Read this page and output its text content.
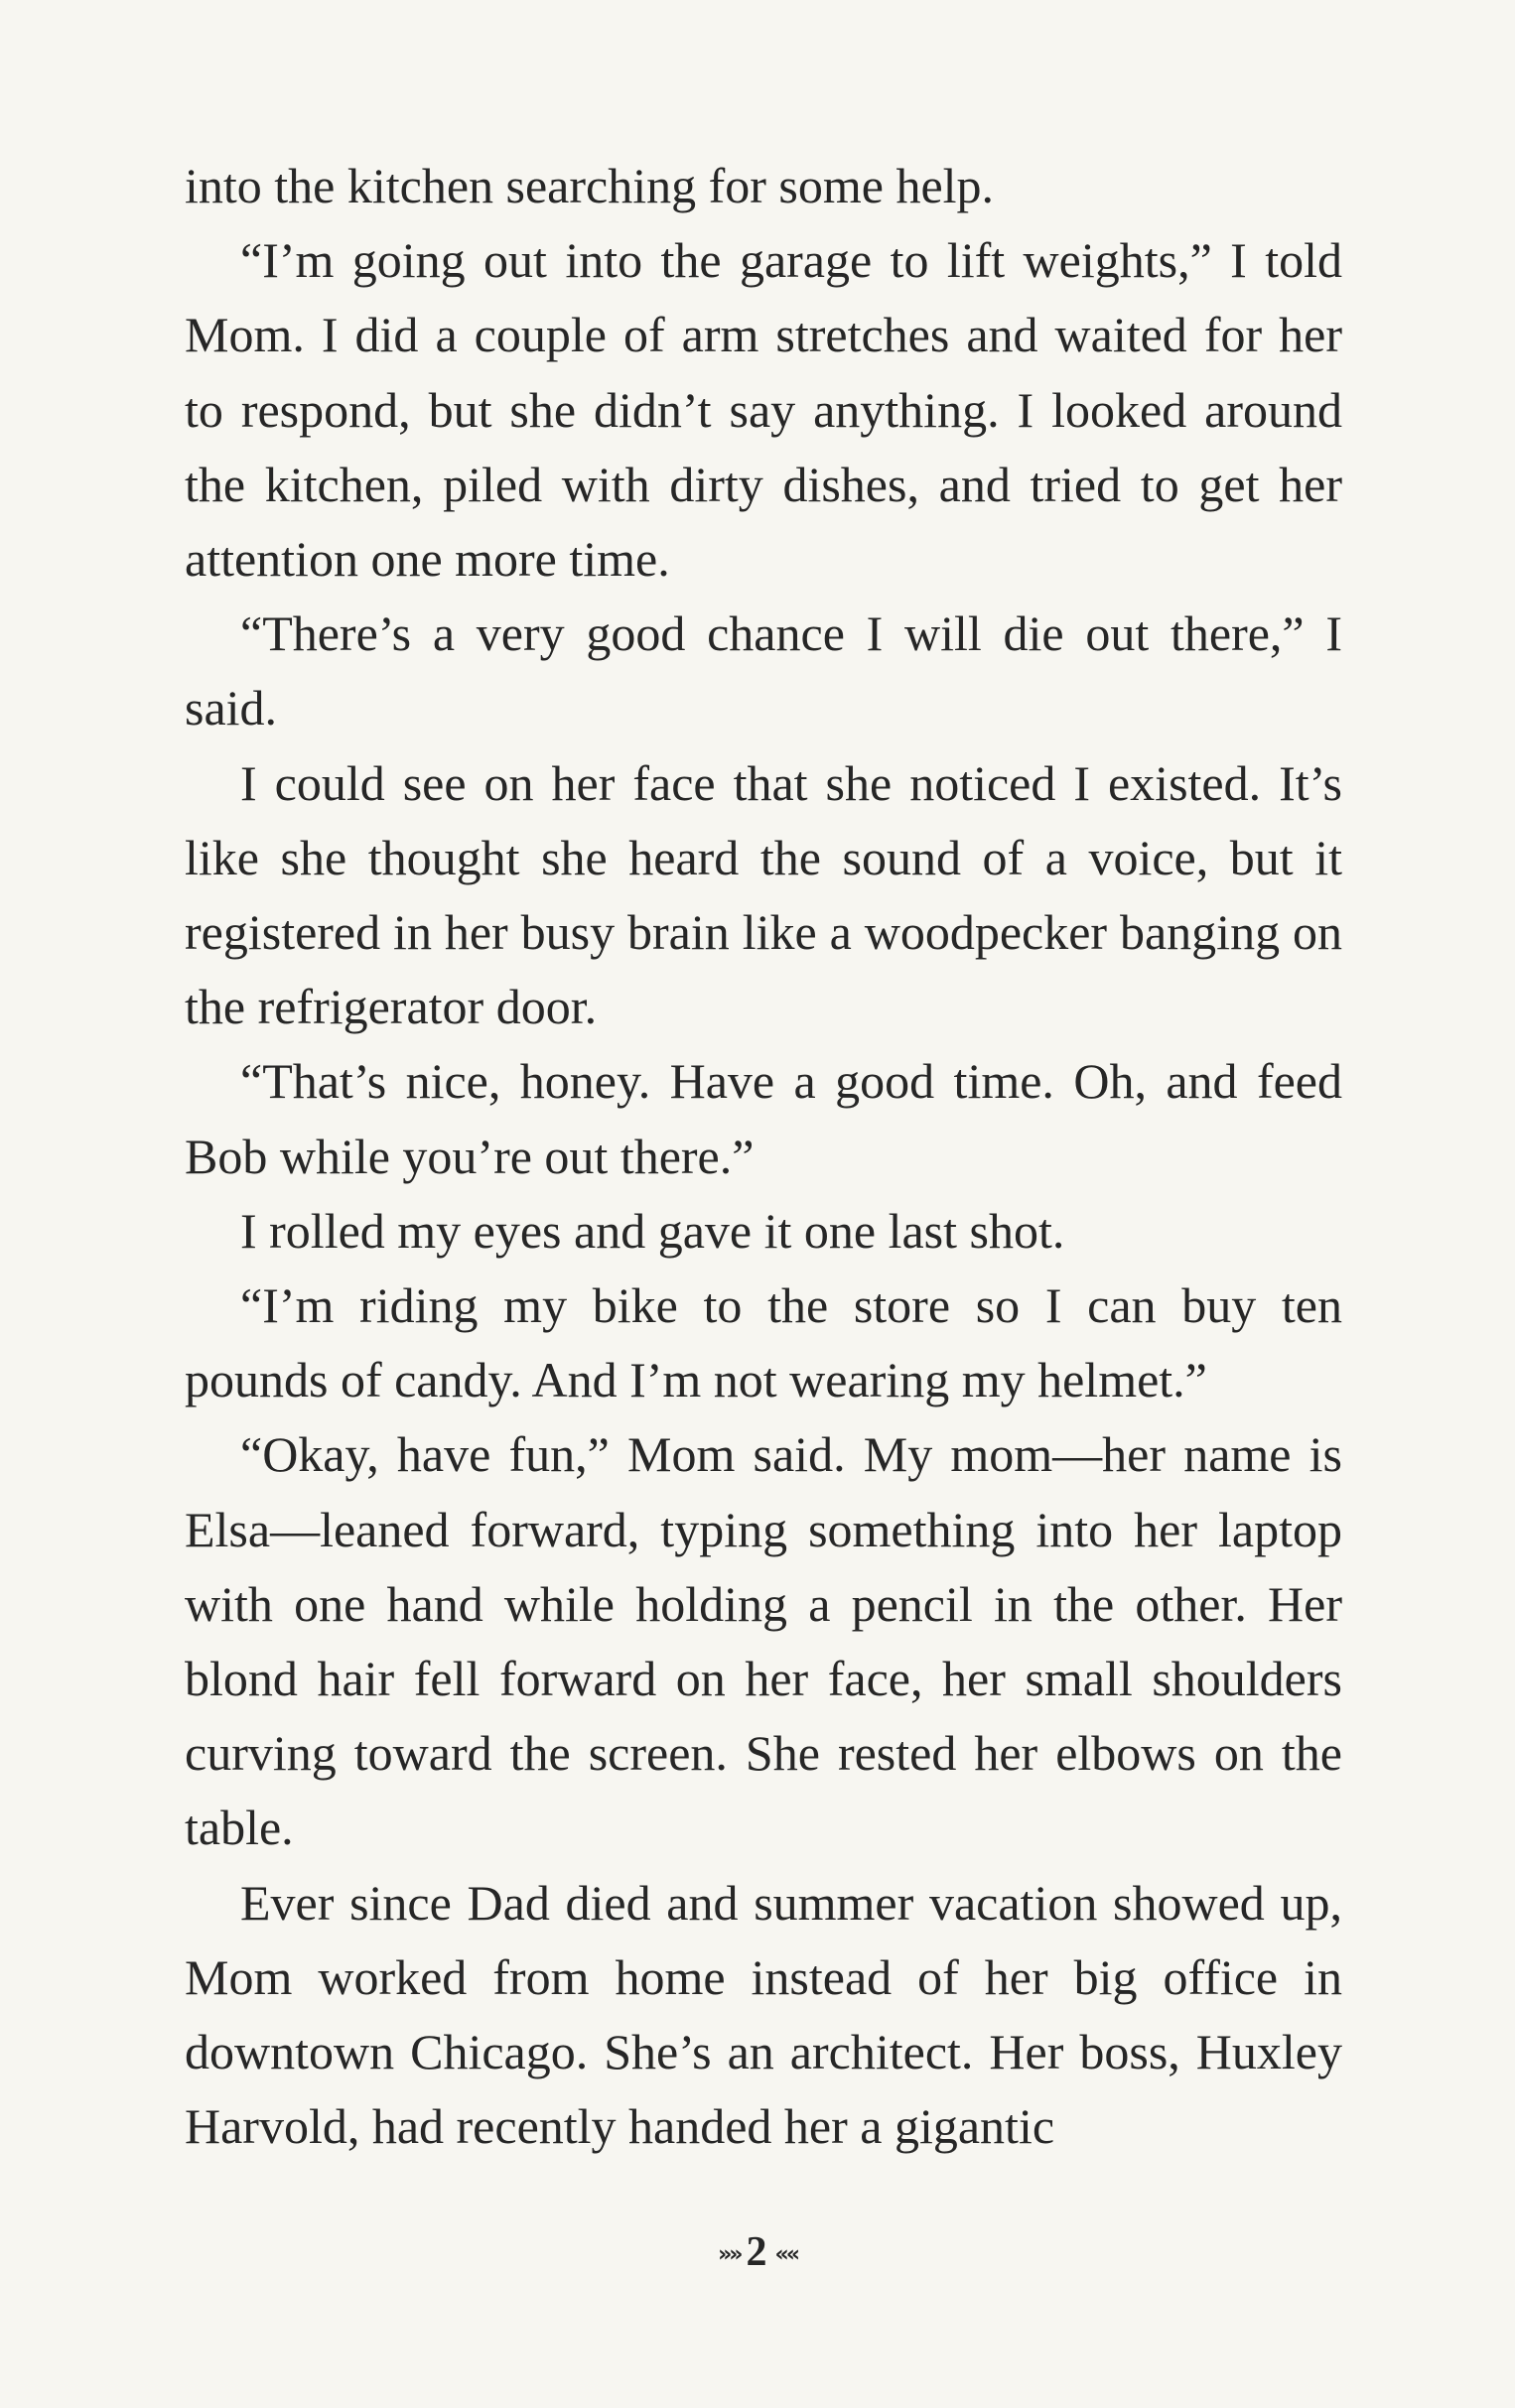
into the kitchen searching for some help.

“I’m going out into the garage to lift weights,” I told Mom. I did a couple of arm stretches and waited for her to respond, but she didn’t say anything. I looked around the kitchen, piled with dirty dishes, and tried to get her attention one more time.

“There’s a very good chance I will die out there,” I said.

I could see on her face that she noticed I existed. It’s like she thought she heard the sound of a voice, but it registered in her busy brain like a woodpecker banging on the refrigerator door.

“That’s nice, honey. Have a good time. Oh, and feed Bob while you’re out there.”

I rolled my eyes and gave it one last shot.

“I’m riding my bike to the store so I can buy ten pounds of candy. And I’m not wearing my helmet.”

“Okay, have fun,” Mom said. My mom—her name is Elsa—leaned forward, typing something into her laptop with one hand while holding a pencil in the other. Her blond hair fell forward on her face, her small shoulders curving toward the screen. She rested her elbows on the table.

Ever since Dad died and summer vacation showed up, Mom worked from home instead of her big office in downtown Chicago. She’s an architect. Her boss, Huxley Harvold, had recently handed her a gigantic

»» 2 ««
